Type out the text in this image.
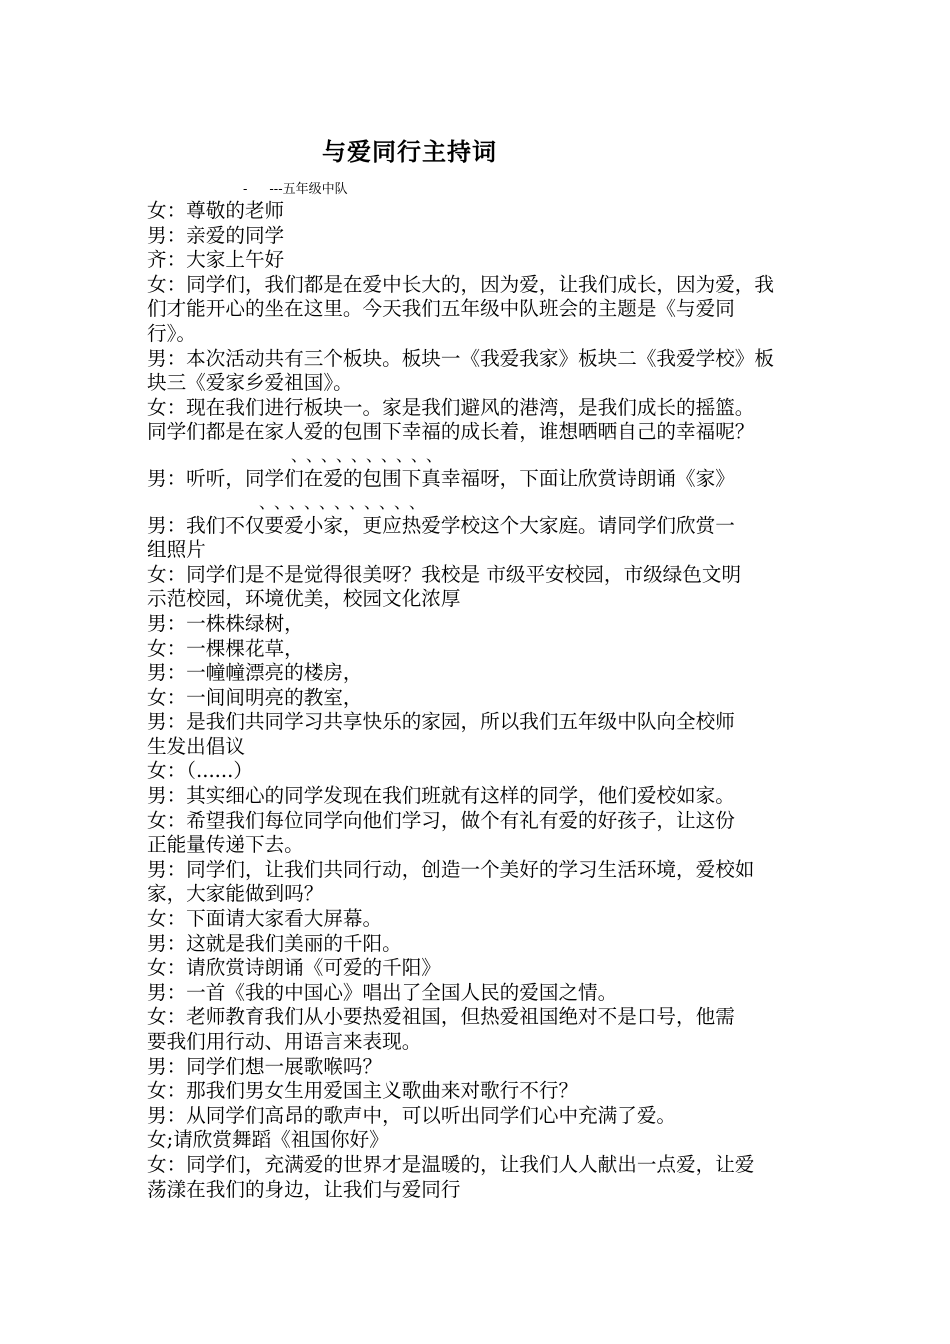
与爱同行主持词
- ---五年级中队
女：尊敬的老师
男：亲爱的同学
齐：大家上午好
女：同学们，我们都是在爱中长大的，因为爱，让我们成长，因为爱，我
们才能开心的坐在这里。今天我们五年级中队班会的主题是《与爱同
行》。
男：本次活动共有三个板块。板块一《我爱我家》板块二《我爱学校》板
块三《爱家乡爱祖国》。
女：现在我们进行板块一。家是我们避风的港湾，是我们成长的摇篮。
同学们都是在家人爱的包围下幸福的成长着，谁想晒晒自己的幸福呢？
、、、、、、、、、、
男：听听，同学们在爱的包围下真幸福呀，下面让欣赏诗朗诵《家》
、、、、、、、、、、、
男：我们不仅要爱小家，更应热爱学校这个大家庭。请同学们欣赏一
组照片
女：同学们是不是觉得很美呀？我校是 市级平安校园，市级绿色文明
示范校园，环境优美，校园文化浓厚
男：一株株绿树，
女：一棵棵花草，
男：一幢幢漂亮的楼房，
女：一间间明亮的教室，
男：是我们共同学习共享快乐的家园，所以我们五年级中队向全校师
生发出倡议
女：（......）
男：其实细心的同学发现在我们班就有这样的同学，他们爱校如家。
女：希望我们每位同学向他们学习，做个有礼有爱的好孩子，让这份
正能量传递下去。
男：同学们，让我们共同行动，创造一个美好的学习生活环境，爱校如
家，大家能做到吗？
女：下面请大家看大屏幕。
男：这就是我们美丽的千阳。
女：请欣赏诗朗诵《可爱的千阳》
男：一首《我的中国心》唱出了全国人民的爱国之情。
女：老师教育我们从小要热爱祖国，但热爱祖国绝对不是口号，他需
要我们用行动、用语言来表现。
男：同学们想一展歌喉吗？
女：那我们男女生用爱国主义歌曲来对歌行不行？
男：从同学们高昂的歌声中，可以听出同学们心中充满了爱。
女;请欣赏舞蹈《祖国你好》
女：同学们，充满爱的世界才是温暖的，让我们人人献出一点爱，让爱
荡漾在我们的身边，让我们与爱同行
